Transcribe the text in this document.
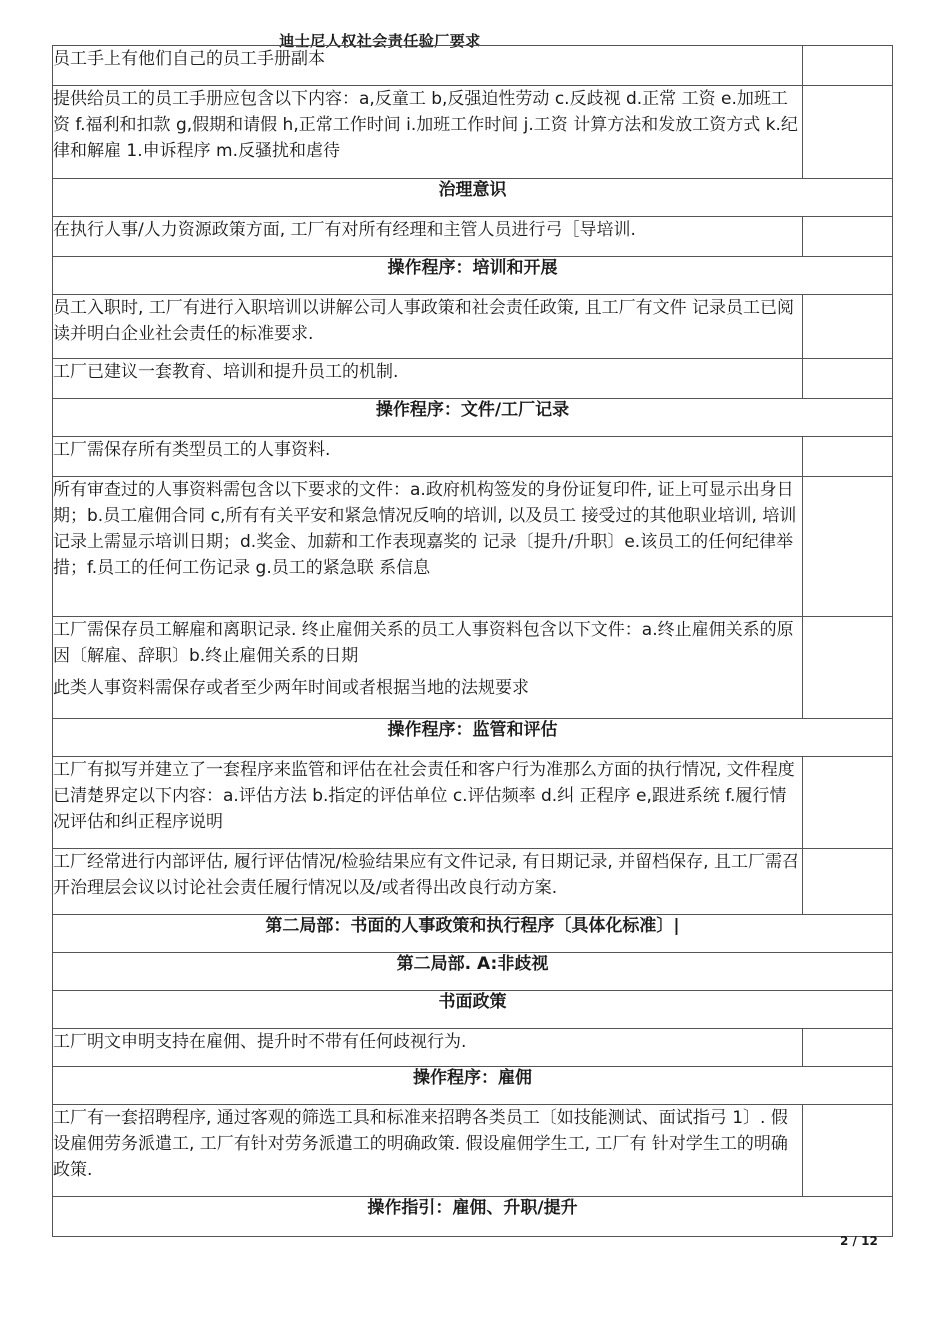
迪士尼人权社会责任验厂要求

员工手上有他们自己的员工手册副本	

提供给员工的员工手册应包含以下内容：a,反童工 b,反强迫性劳动 c.反歧视 d.正常 工资 e.加班工资 f.福利和扣款 g,假期和请假 h,正常工作时间 i.加班工作时间 j.工资 计算方法和发放工资方式 k.纪律和解雇 1.申诉程序 m.反骚扰和虐待	

治理意识	

在执行人事/人力资源政策方面, 工厂有对所有经理和主管人员进行弓［导培训.	

操作程序：培训和开展	

员工入职时, 工厂有进行入职培训以讲解公司人事政策和社会责任政策, 且工厂有文件 记录员工已阅读并明白企业社会责任的标准要求.	

工厂已建议一套教育、培训和提升员工的机制.	

操作程序：文件/工厂记录	

工厂需保存所有类型员工的人事资料.	

所有审查过的人事资料需包含以下要求的文件：a.政府机构签发的身份证复印件, 证上可显示出身日期；b.员工雇佣合同 c,所有有关平安和紧急情况反响的培训, 以及员工 接受过的其他职业培训, 培训记录上需显示培训日期；d.奖金、加薪和工作表现嘉奖的 记录〔提升/升职〕e.该员工的任何纪律举措；f.员工的任何工伤记录 g.员工的紧急联 系信息	

工厂需保存员工解雇和离职记录. 终止雇佣关系的员工人事资料包含以下文件：a.终止雇佣关系的原因〔解雇、辞职〕b.终止雇佣关系的日期

此类人事资料需保存或者至少两年时间或者根据当地的法规要求	

操作程序：监管和评估	

工厂有拟写并建立了一套程序来监管和评估在社会责任和客户行为准那么方面的执行情况, 文件程度已清楚界定以下内容：a.评估方法 b.指定的评估单位 c.评估频率 d.纠 正程序 e,跟进系统 f.履行情况评估和纠正程序说明	

工厂经常进行内部评估, 履行评估情况/检验结果应有文件记录, 有日期记录, 并留档保存, 且工厂需召开治理层会议以讨论社会责任履行情况以及/或者得出改良行动方案.	

第二局部：书面的人事政策和执行程序〔具体化标准〕|	
第二局部. A:非歧视	
书面政策	

工厂明文申明支持在雇佣、提升时不带有任何歧视行为.	

操作程序：雇佣	

工厂有一套招聘程序, 通过客观的筛选工具和标准来招聘各类员工〔如技能测试、面试指弓 1〕. 假设雇佣劳务派遣工, 工厂有针对劳务派遣工的明确政策. 假设雇佣学生工, 工厂有 针对学生工的明确政策.	

操作指引：雇佣、升职/提升	
2 / 12
